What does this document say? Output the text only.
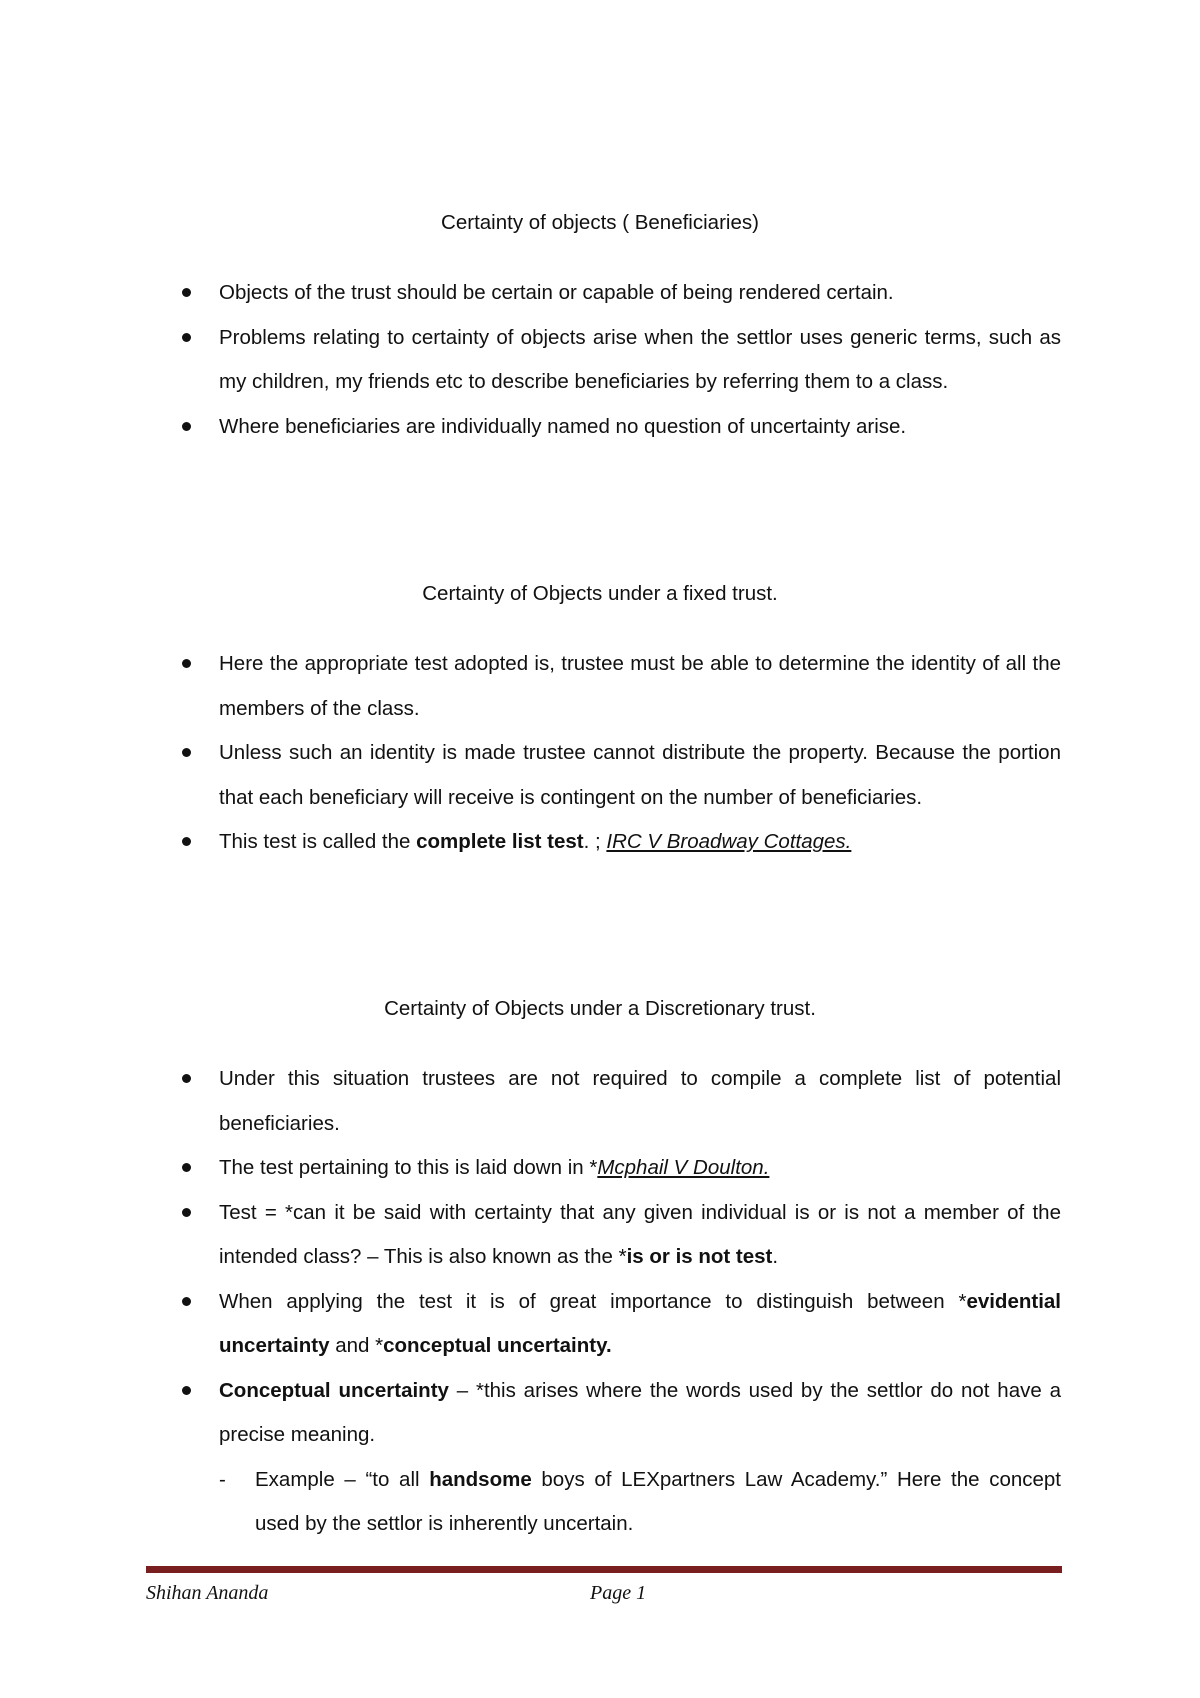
Certainty of objects ( Beneficiaries)
Objects of the trust should be certain or capable of being rendered certain.
Problems relating to certainty of objects arise when the settlor uses generic terms, such as my children, my friends etc to describe beneficiaries by referring them to a class.
Where beneficiaries are individually named no question of uncertainty arise.
Certainty of Objects under a fixed trust.
Here the appropriate test adopted is, trustee must be able to determine the identity of all the members of the class.
Unless such an identity is made trustee cannot distribute the property. Because the portion that each beneficiary will receive is contingent on the number of beneficiaries.
This test is called the complete list test. ; IRC V Broadway Cottages.
Certainty of Objects under a Discretionary trust.
Under this situation trustees are not required to compile a complete list of potential beneficiaries.
The test pertaining to this is laid down in *Mcphail V Doulton.
Test = *can it be said with certainty that any given individual is or is not a member of the intended class? – This is also known as the *is or is not test.
When applying the test it is of great importance to distinguish between *evidential uncertainty and *conceptual uncertainty.
Conceptual uncertainty – *this arises where the words used by the settlor do not have a precise meaning.
- Example – “to all handsome boys of LEXpartners Law Academy.” Here the concept used by the settlor is inherently uncertain.
Shihan Ananda	Page 1
